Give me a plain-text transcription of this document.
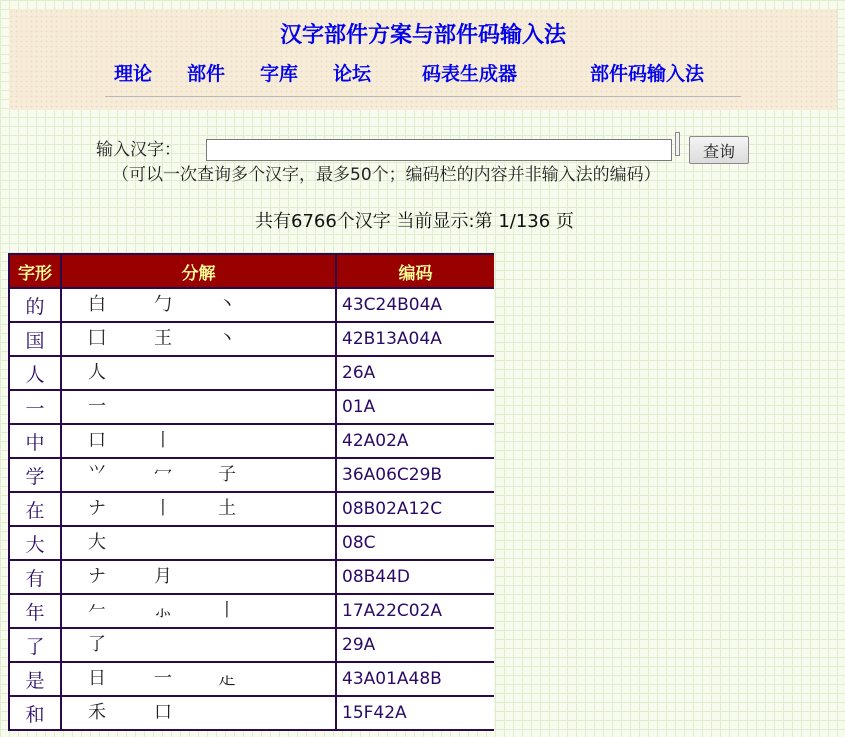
汉字部件方案与部件码输入法
理论 部件 字库 论坛	码表生成器	部件码输入法
输入汉字：	查询
（可以一次查询多个汉字，最多50个；编码栏的内容并非输入法的编码）
共有6766个汉字 当前显示:第 1/136 页
字形	分解	编码
的	白 勹 丶	43C24B04A
国	囗 王 丶	42B13A04A
人	人	26A
一	一	01A
中	口 丨	42A02A
学	⺍ 冖 子	36A06C29B
在	ナ 丨 土	08B02A12C
大	大	08C
有	ナ 月	08B44D
年	𠂉 ⺗ 丨	17A22C02A
了	了	29A
是	日 一 龰	43A01A48B
和	禾 口	15F42A
